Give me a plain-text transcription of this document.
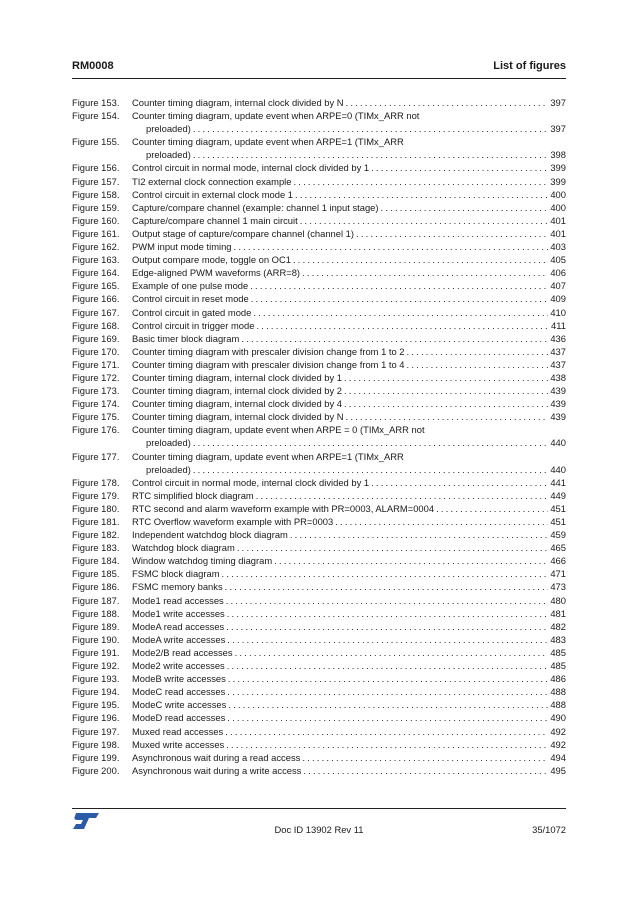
RM0008	List of figures
Figure 153.	Counter timing diagram, internal clock divided by N . . .	397
Figure 154.	Counter timing diagram, update event when ARPE=0 (TIMx_ARR not
preloaded) . . .	397
Figure 155.	Counter timing diagram, update event when ARPE=1 (TIMx_ARR
preloaded) . . .	398
Figure 156.	Control circuit in normal mode, internal clock divided by 1 . . .	399
Figure 157.	TI2 external clock connection example . . .	399
Figure 158.	Control circuit in external clock mode 1 . . .	400
Figure 159.	Capture/compare channel (example: channel 1 input stage) . . .	400
Figure 160.	Capture/compare channel 1 main circuit . . .	401
Figure 161.	Output stage of capture/compare channel (channel 1) . . .	401
Figure 162.	PWM input mode timing . . .	403
Figure 163.	Output compare mode, toggle on OC1 . . .	405
Figure 164.	Edge-aligned PWM waveforms (ARR=8) . . .	406
Figure 165.	Example of one pulse mode . . .	407
Figure 166.	Control circuit in reset mode . . .	409
Figure 167.	Control circuit in gated mode . . .	410
Figure 168.	Control circuit in trigger mode . . .	411
Figure 169.	Basic timer block diagram . . .	436
Figure 170.	Counter timing diagram with prescaler division change from 1 to 2 . . .	437
Figure 171.	Counter timing diagram with prescaler division change from 1 to 4 . . .	437
Figure 172.	Counter timing diagram, internal clock divided by 1 . . .	438
Figure 173.	Counter timing diagram, internal clock divided by 2 . . .	439
Figure 174.	Counter timing diagram, internal clock divided by 4 . . .	439
Figure 175.	Counter timing diagram, internal clock divided by N . . .	439
Figure 176.	Counter timing diagram, update event when ARPE = 0 (TIMx_ARR not
preloaded) . . .	440
Figure 177.	Counter timing diagram, update event when ARPE=1 (TIMx_ARR
preloaded) . . .	440
Figure 178.	Control circuit in normal mode, internal clock divided by 1 . . .	441
Figure 179.	RTC simplified block diagram . . .	449
Figure 180.	RTC second and alarm waveform example with PR=0003, ALARM=0004 . . .	451
Figure 181.	RTC Overflow waveform example with PR=0003 . . .	451
Figure 182.	Independent watchdog block diagram . . .	459
Figure 183.	Watchdog block diagram . . .	465
Figure 184.	Window watchdog timing diagram . . .	466
Figure 185.	FSMC block diagram . . .	471
Figure 186.	FSMC memory banks . . .	473
Figure 187.	Mode1 read accesses . . .	480
Figure 188.	Mode1 write accesses . . .	481
Figure 189.	ModeA read accesses . . .	482
Figure 190.	ModeA write accesses . . .	483
Figure 191.	Mode2/B read accesses . . .	485
Figure 192.	Mode2 write accesses . . .	485
Figure 193.	ModeB write accesses . . .	486
Figure 194.	ModeC read accesses . . .	488
Figure 195.	ModeC write accesses . . .	488
Figure 196.	ModeD read accesses . . .	490
Figure 197.	Muxed read accesses . . .	492
Figure 198.	Muxed write accesses . . .	492
Figure 199.	Asynchronous wait during a read access . . .	494
Figure 200.	Asynchronous wait during a write access . . .	495
Doc ID 13902 Rev 11	35/1072
